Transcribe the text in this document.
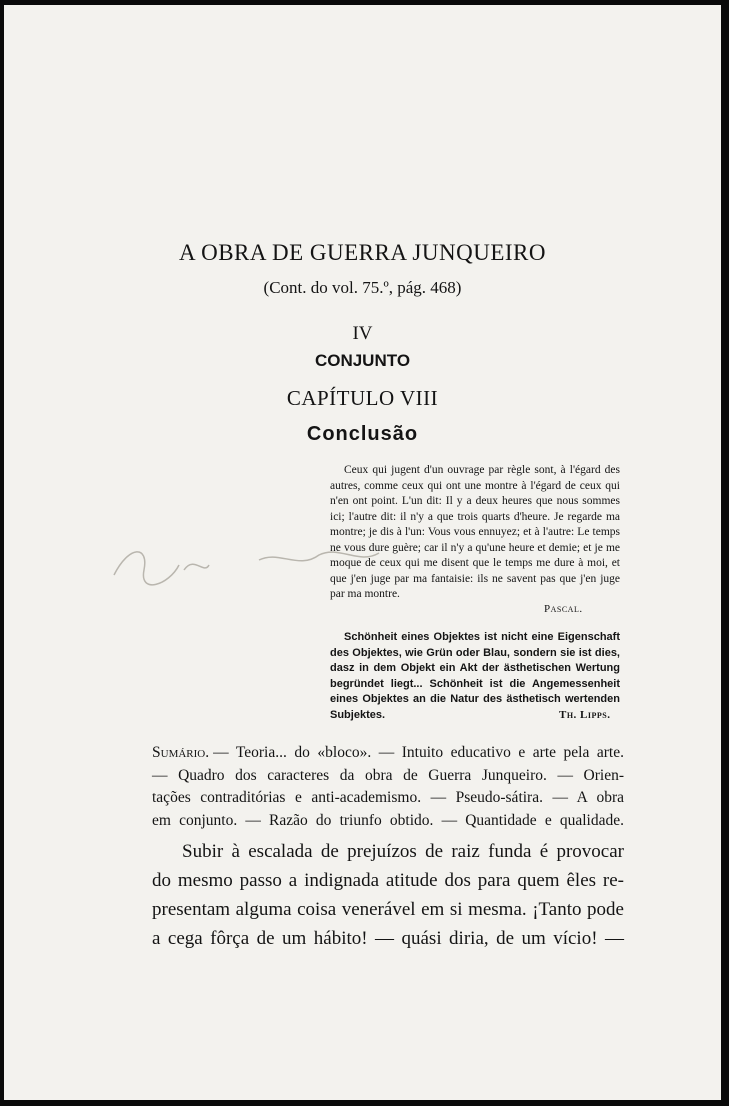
A OBRA DE GUERRA JUNQUEIRO
(Cont. do vol. 75.º, pág. 468)
IV
CONJUNTO
CAPÍTULO VIII
Conclusão

Ceux qui jugent d'un ouvrage par règle sont, à l'égard des autres, comme ceux qui ont une montre à l'égard de ceux qui n'en ont point. L'un dit: Il y a deux heures que nous sommes ici; l'autre dit: il n'y a que trois quarts d'heure. Je regarde ma montre; je dis à l'un: Vous vous ennuyez; et à l'autre: Le temps ne vous dure guère; car il n'y a qu'une heure et demie; et je me moque de ceux qui me disent que le temps me dure à moi, et que j'en juge par ma fantaisie: ils ne savent pas que j'en juge par ma montre.

Pascal.

Schönheit eines Objektes ist nicht eine Eigenschaft des Objektes, wie Grün oder Blau, sondern sie ist dies, dasz in dem Objekt ein Akt der ästhetischen Wertung begründet liegt... Schönheit ist die Angemessenheit eines Objektes an die Natur des ästhetisch wertenden Subjektes.	Th. Lipps.
Sumário. — Teoria... do «bloco». — Intuito educativo e arte pela arte.
— Quadro dos caracteres da obra de Guerra Junqueiro. — Orien-
tações contraditórias e anti-academismo. — Pseudo-sátira. — A obra
em conjunto. — Razão do triunfo obtido. — Quantidade e qualidade.
Subir à escalada de prejuízos de raiz funda é provocar
do mesmo passo a indignada atitude dos para quem êles re-
presentam alguma coisa venerável em si mesma. ¡Tanto pode
a cega fôrça de um hábito! — quási diria, de um vício! —
